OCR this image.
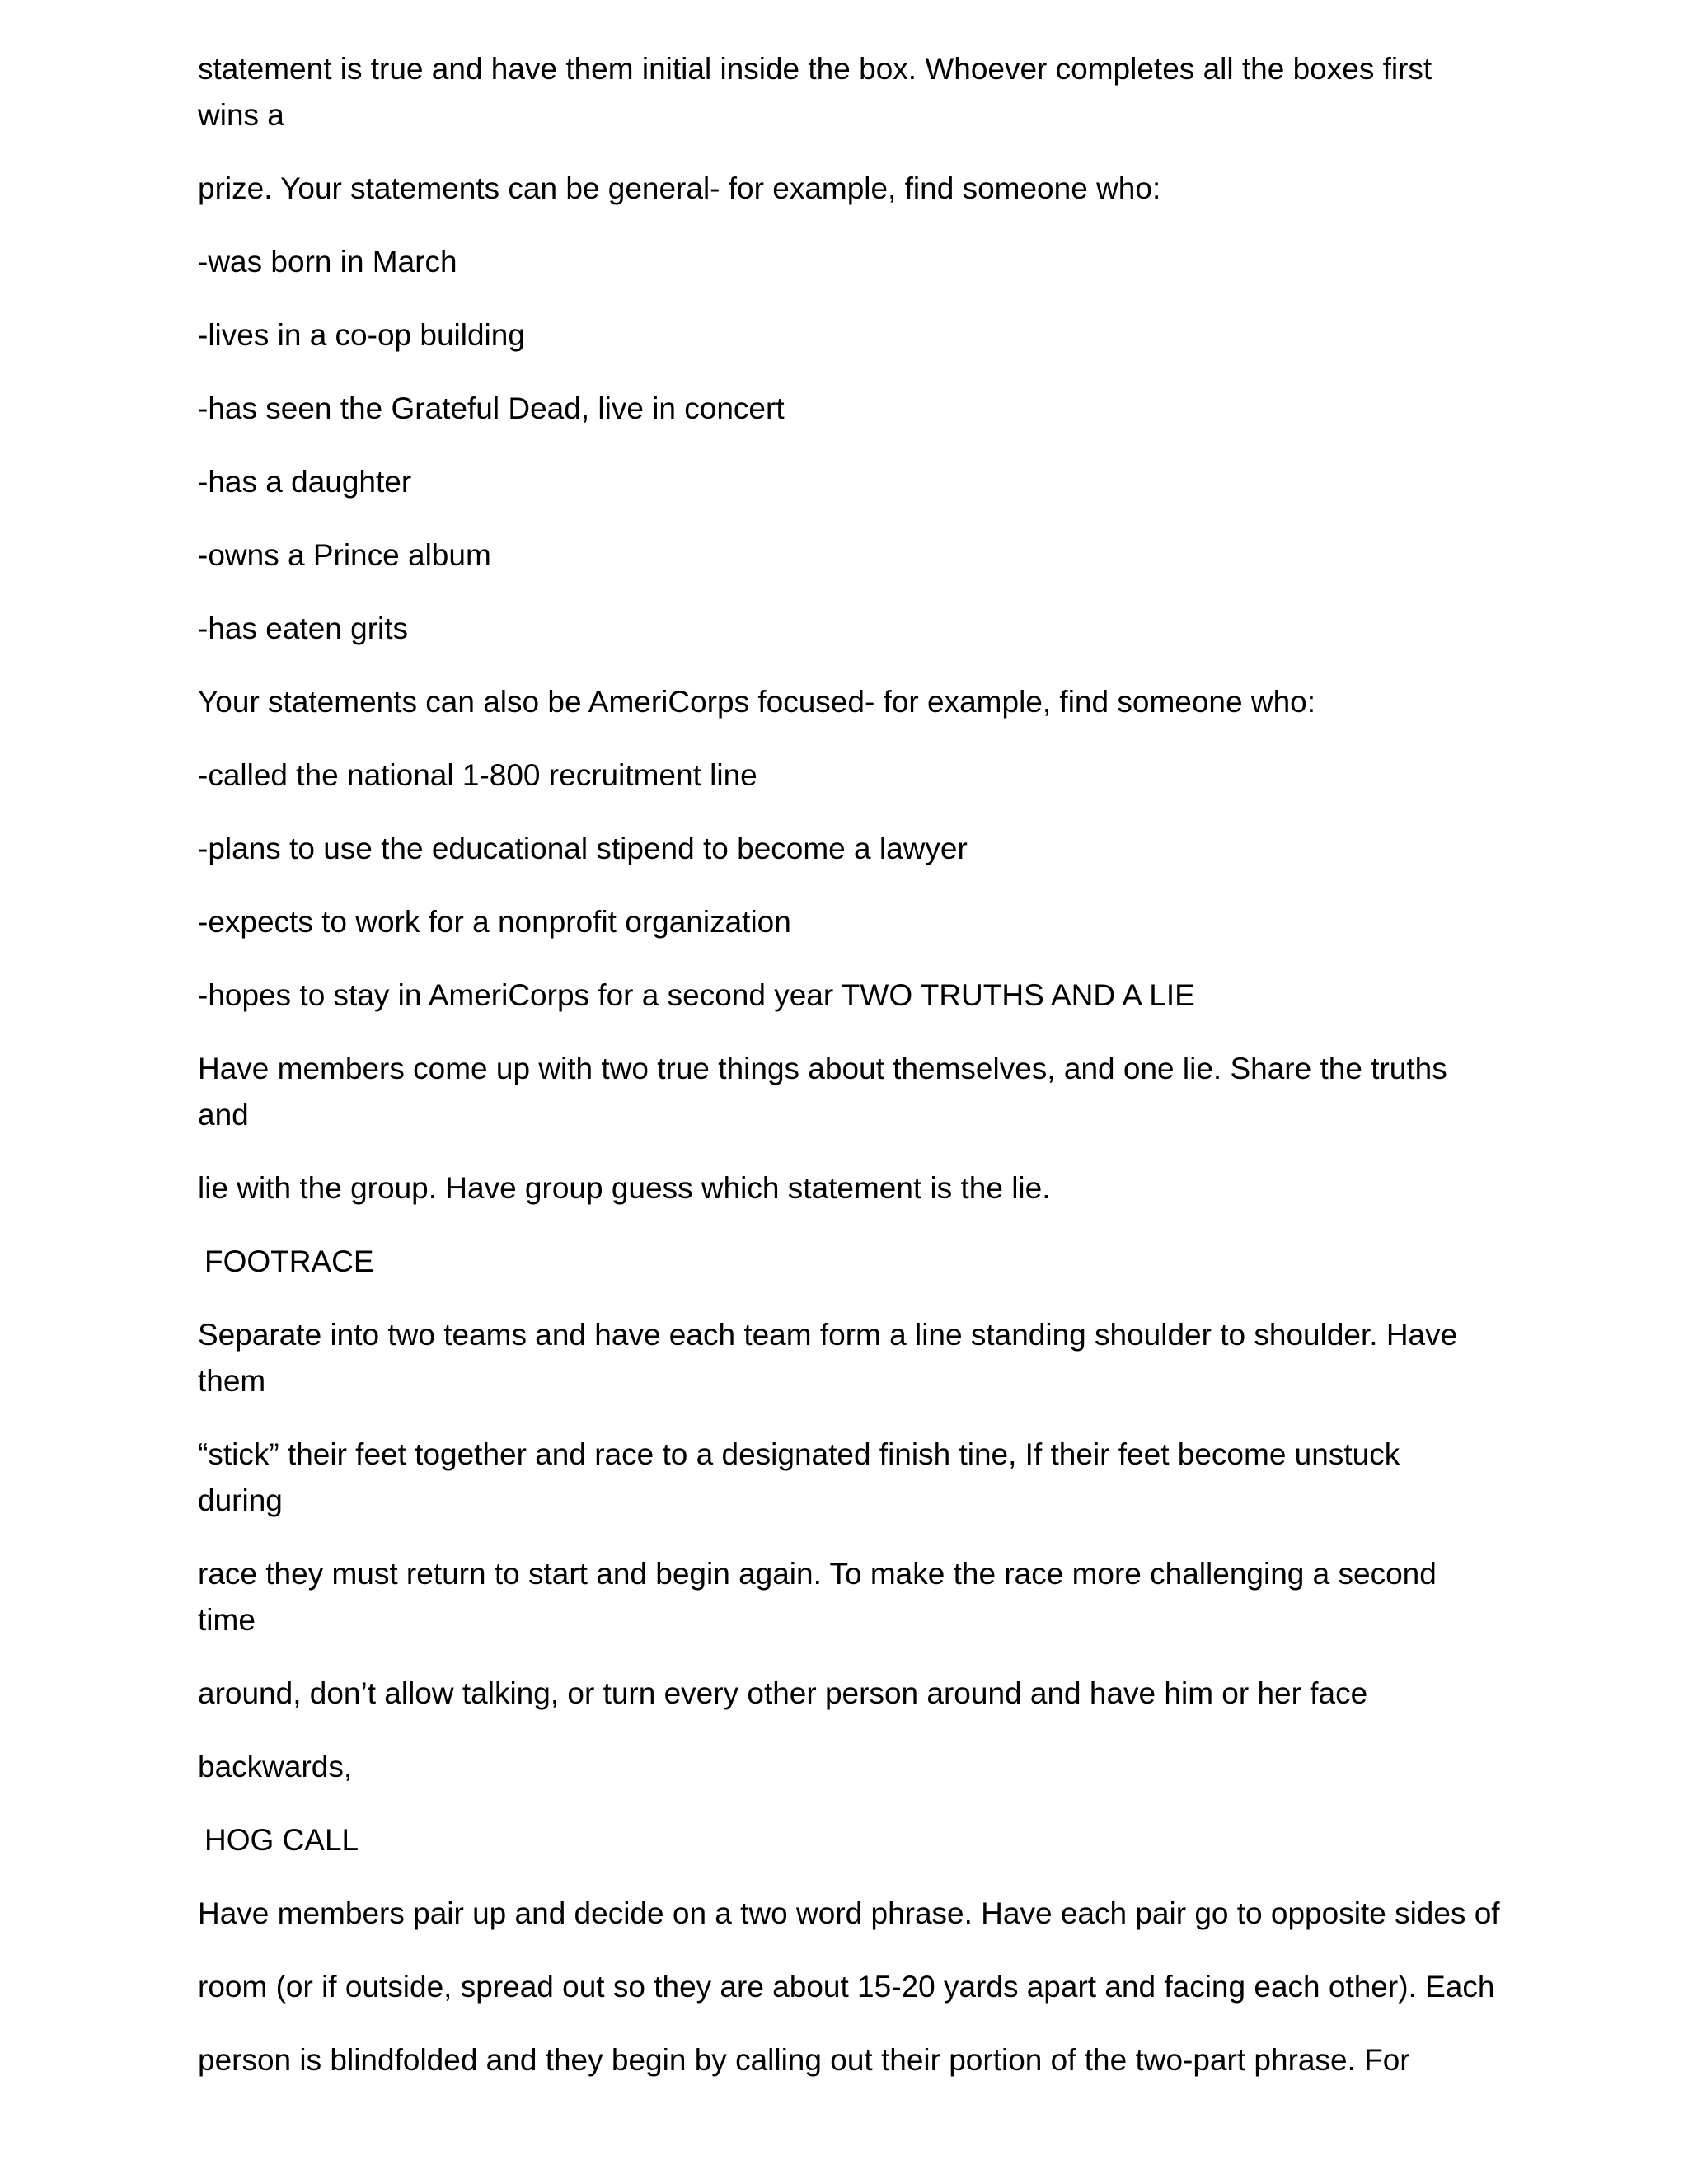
statement is true and have them initial inside the box. Whoever completes all the boxes first
wins a
prize. Your statements can be general- for example, find someone who:
-was born in March
-lives in a co-op building
-has seen the Grateful Dead, live in concert
-has a daughter
-owns a Prince album
-has eaten grits
Your statements can also be AmeriCorps focused- for example, find someone who:
-called the national 1-800 recruitment line
-plans to use the educational stipend to become a lawyer
-expects to work for a nonprofit organization
-hopes to stay in AmeriCorps for a second year TWO TRUTHS AND A LIE
Have members come up with two true things about themselves, and one lie. Share the truths
and
lie with the group. Have group guess which statement is the lie.
FOOTRACE
Separate into two teams and have each team form a line standing shoulder to shoulder. Have
them
“stick” their feet together and race to a designated finish tine, If their feet become unstuck
during
race they must return to start and begin again. To make the race more challenging a second
time
around, don’t allow talking, or turn every other person around and have him or her face
backwards,
HOG CALL
Have members pair up and decide on a two word phrase. Have each pair go to opposite sides of
room (or if outside, spread out so they are about 15-20 yards apart and facing each other). Each
person is blindfolded and they begin by calling out their portion of the two-part phrase. For
